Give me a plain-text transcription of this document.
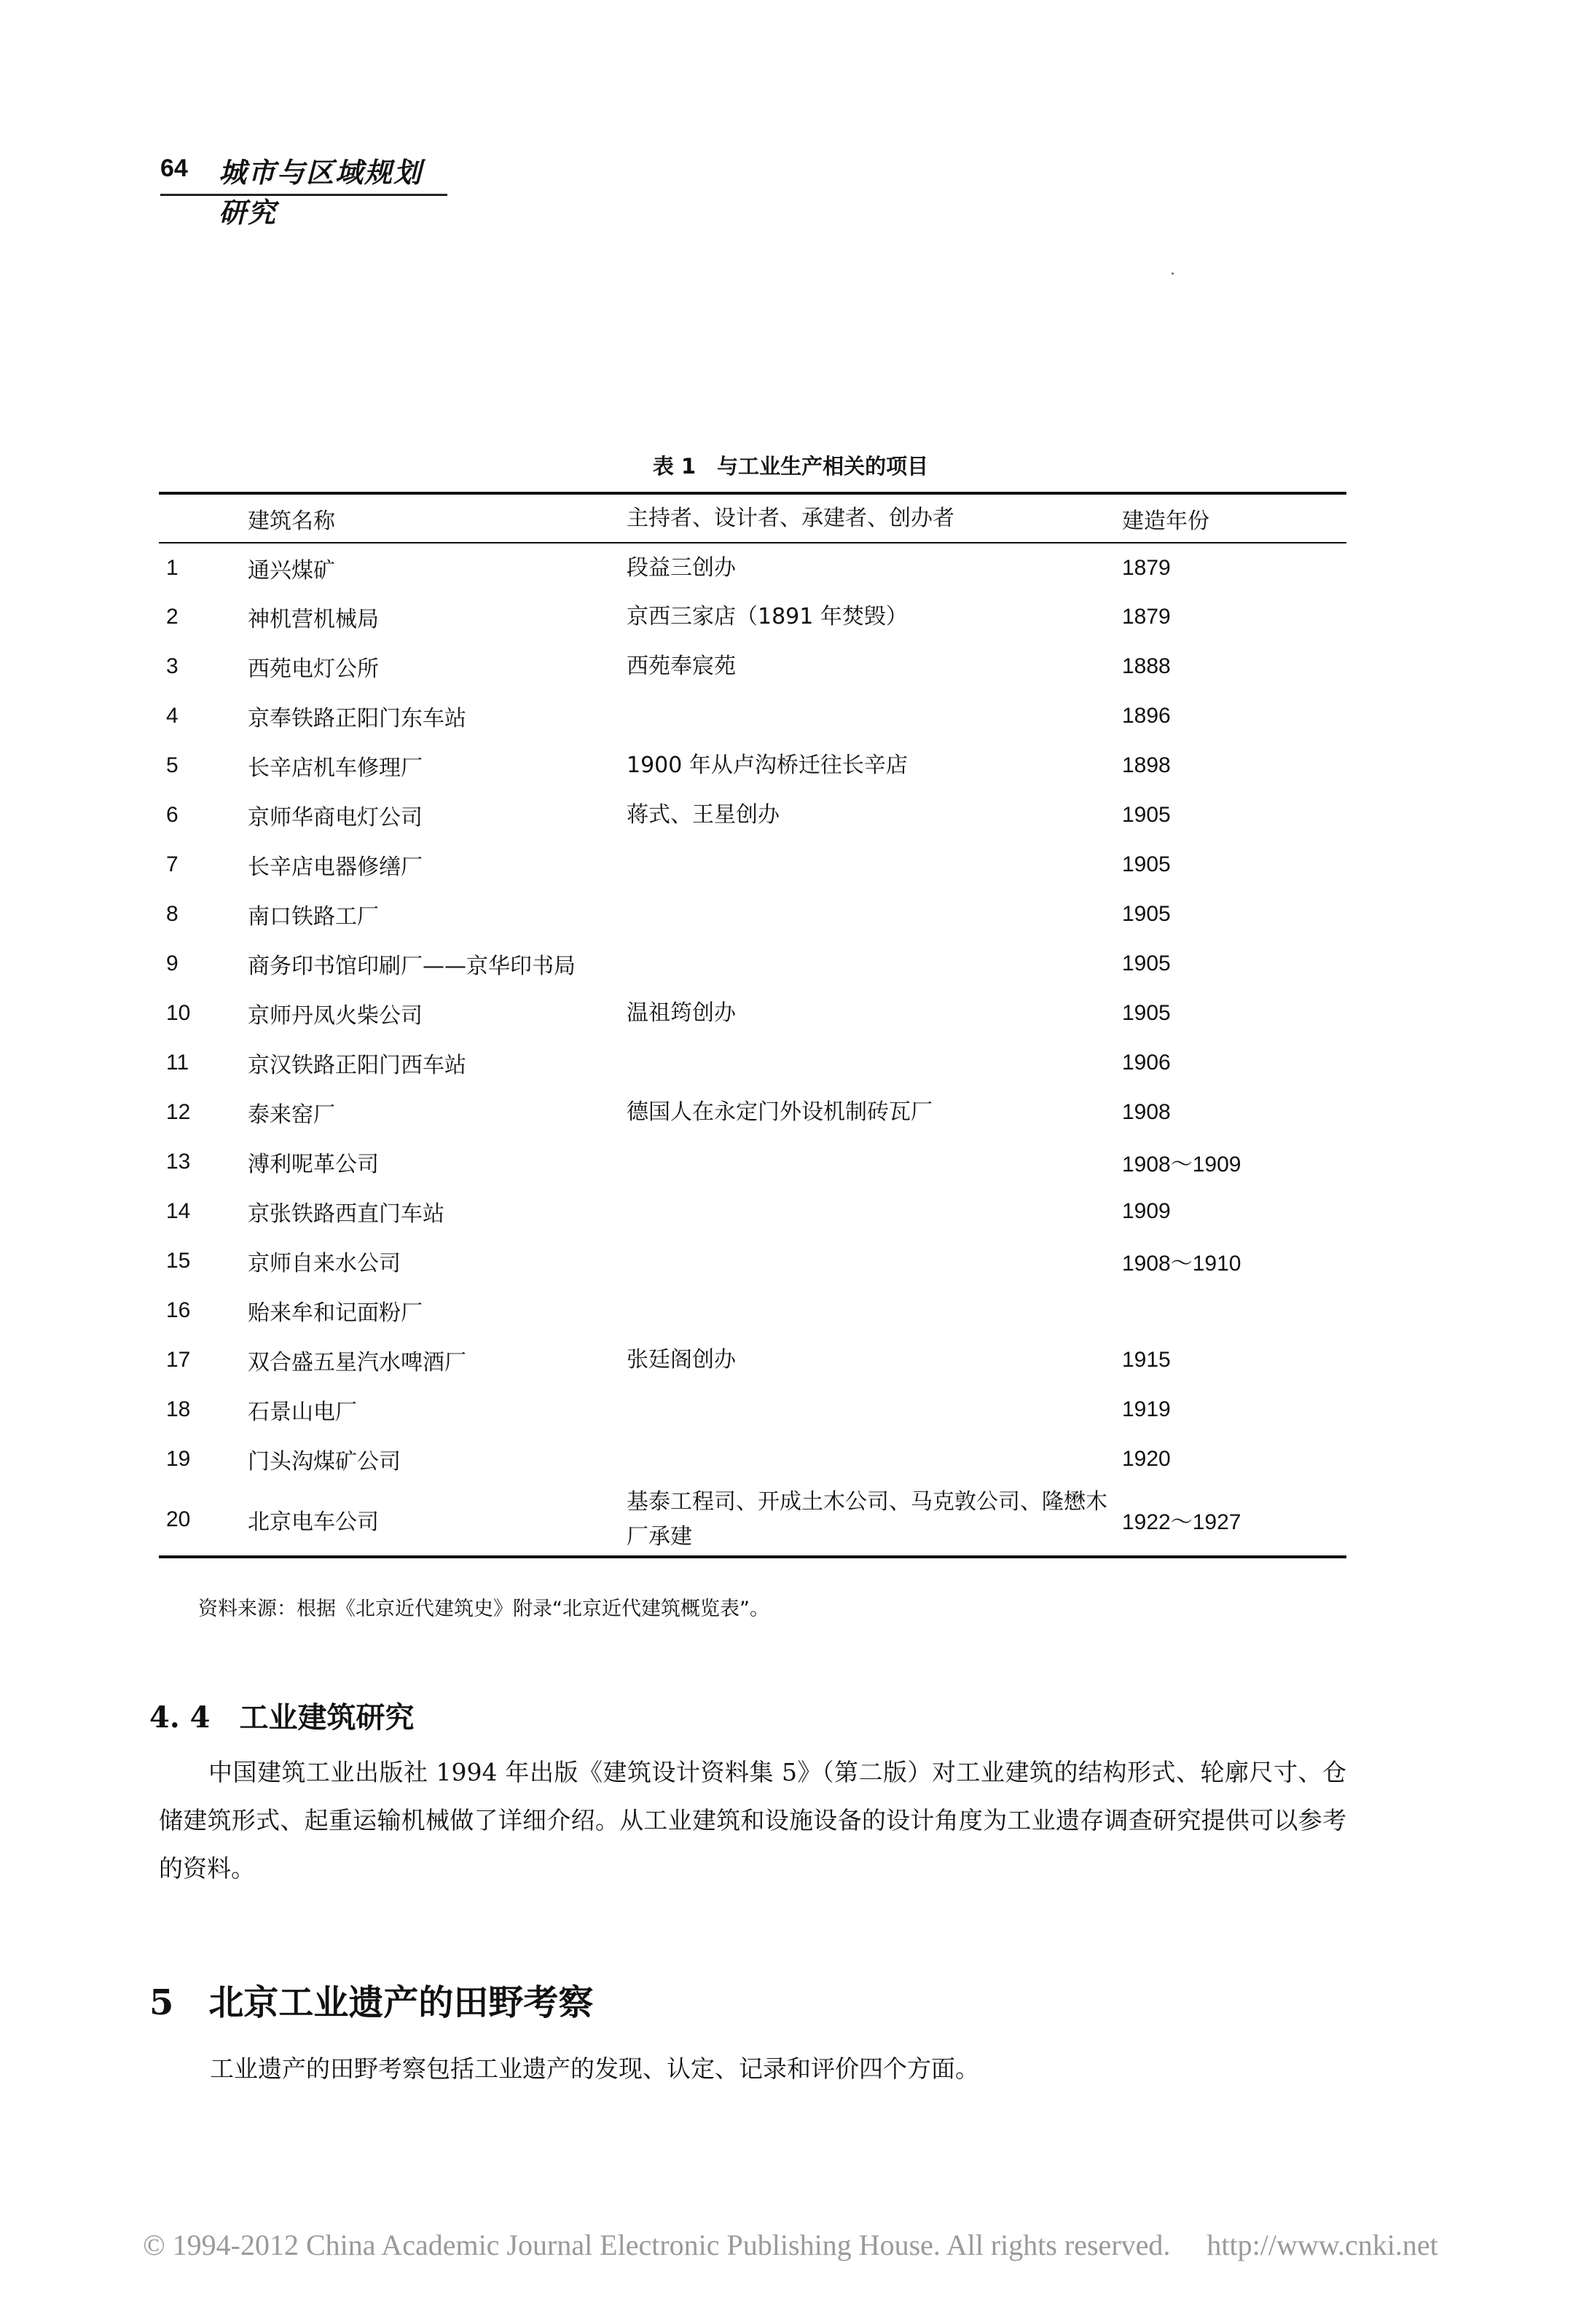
64 城市与区域规划研究
表 1　与工业生产相关的项目
	建筑名称	主持者、设计者、承建者、创办者	建造年份
1	通兴煤矿	段益三创办	1879
2	神机营机械局	京西三家店（1891 年焚毁）	1879
3	西苑电灯公所	西苑奉宸苑	1888
4	京奉铁路正阳门东车站		1896
5	长辛店机车修理厂	1900 年从卢沟桥迁往长辛店	1898
6	京师华商电灯公司	蒋式、王星创办	1905
7	长辛店电器修缮厂		1905
8	南口铁路工厂		1905
9	商务印书馆印刷厂——京华印书局		1905
10	京师丹凤火柴公司	温祖筠创办	1905
11	京汉铁路正阳门西车站		1906
12	泰来窑厂	德国人在永定门外设机制砖瓦厂	1908
13	溥利呢革公司		1908～1909
14	京张铁路西直门车站		1909
15	京师自来水公司		1908～1910
16	贻来牟和记面粉厂		
17	双合盛五星汽水啤酒厂	张廷阁创办	1915
18	石景山电厂		1919
19	门头沟煤矿公司		1920
20	北京电车公司	基泰工程司、开成土木公司、马克敦公司、隆懋木厂承建	1922～1927
资料来源：根据《北京近代建筑史》附录“北京近代建筑概览表”。
4. 4　工业建筑研究
中国建筑工业出版社 1994 年出版《建筑设计资料集 5》（第二版）对工业建筑的结构形式、轮廓尺寸、仓储建筑形式、起重运输机械做了详细介绍。从工业建筑和设施设备的设计角度为工业遗存调查研究提供可以参考的资料。
5　北京工业遗产的田野考察
工业遗产的田野考察包括工业遗产的发现、认定、记录和评价四个方面。
© 1994-2012 China Academic Journal Electronic Publishing House. All rights reserved.　 http://www.cnki.net
